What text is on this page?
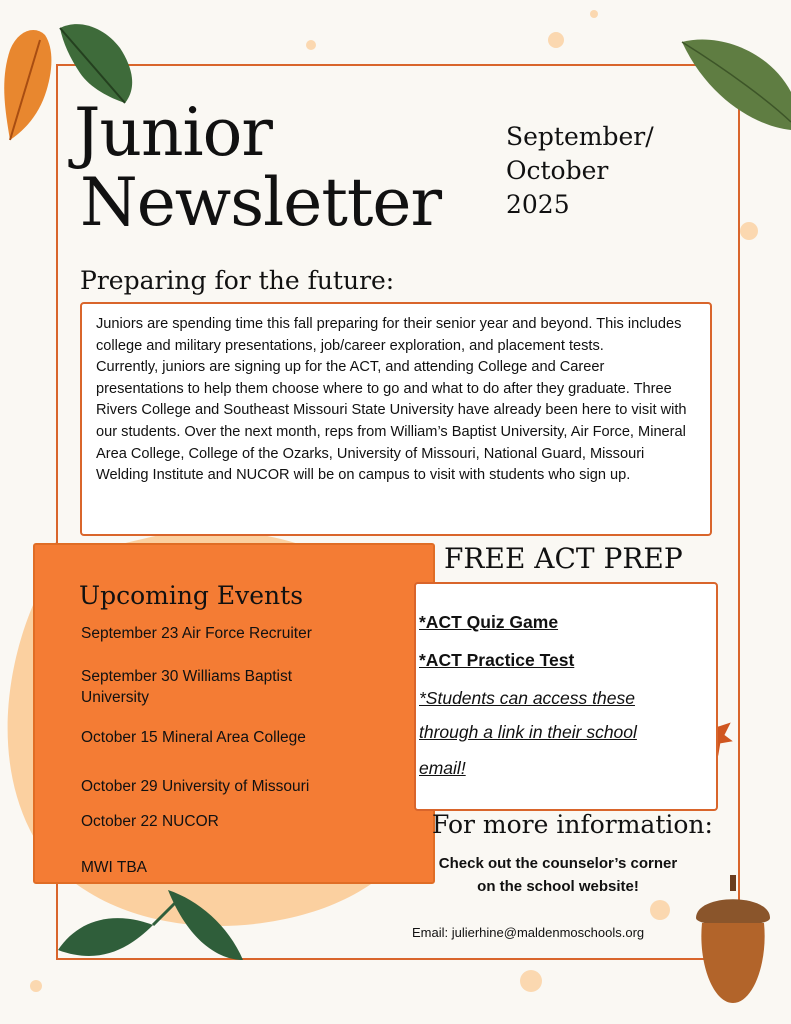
Junior
Newsletter
September/
October
2025
Preparing for the future:
Juniors are spending time this fall preparing for their senior year and beyond. This includes college and military presentations, job/career exploration, and placement tests.
Currently, juniors are signing up for the ACT, and attending College and Career presentations to help them choose where to go and what to do after they graduate. Three Rivers College and Southeast Missouri State University have already been here to visit with our students. Over the next month, reps from William’s Baptist University, Air Force, Mineral Area College, College of the Ozarks, University of Missouri, National Guard, Missouri Welding Institute and NUCOR will be on campus to visit with students who sign up.
Upcoming Events
September 23 Air Force Recruiter
September 30 Williams Baptist University
October 15 Mineral Area College
October 29 University of Missouri
October 22 NUCOR
MWI TBA
FREE ACT PREP
*ACT Quiz Game
*ACT Practice Test
*Students can access these
through a link in their school
email!
For more information:
Check out the counselor’s corner
on the school website!
Email: julierhine@maldenmoschools.org
